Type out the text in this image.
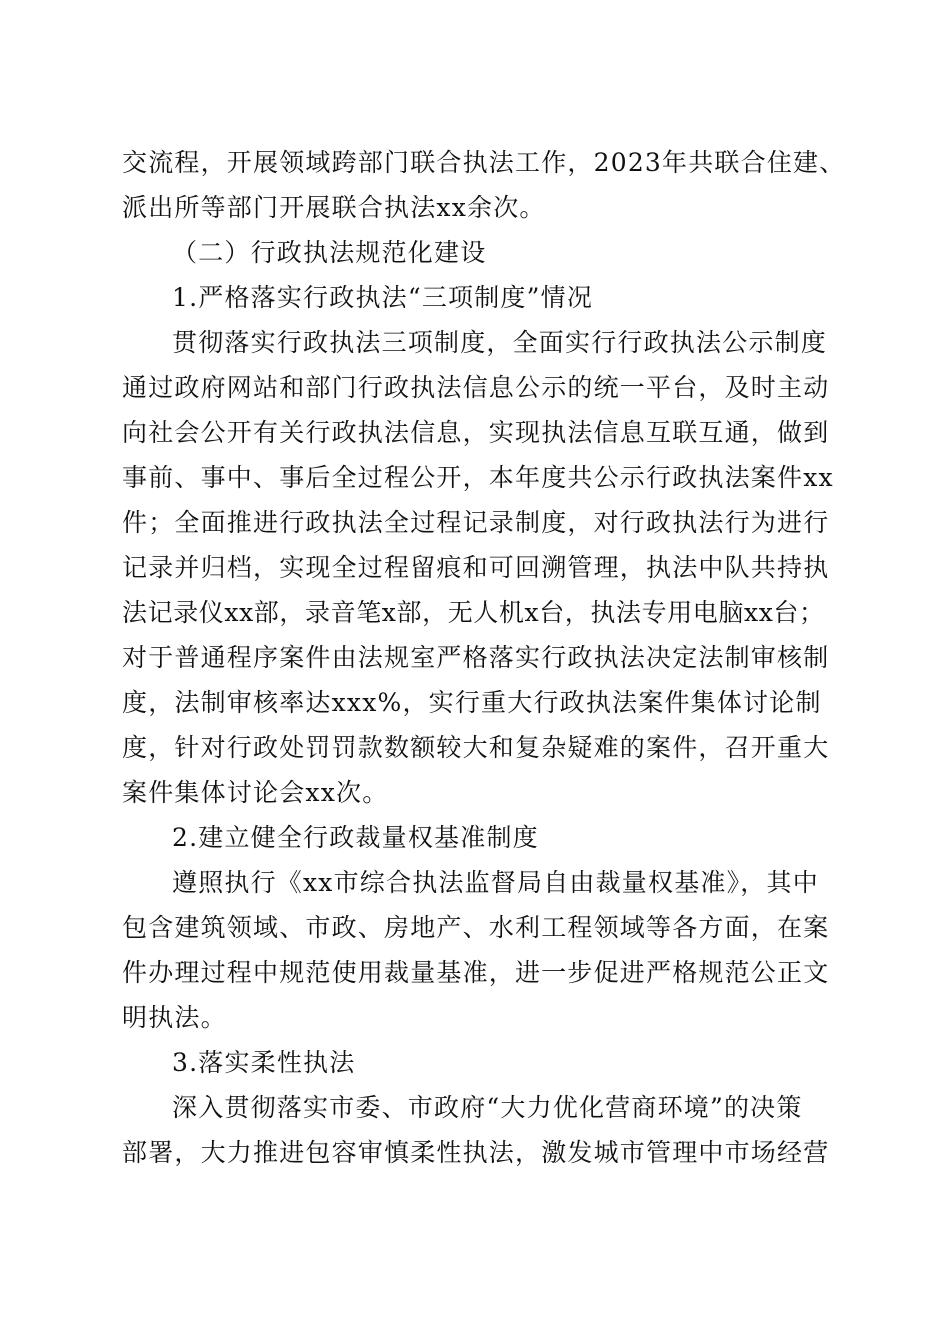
交流程，开展领域跨部门联合执法工作，2023年共联合住建、
派出所等部门开展联合执法xx余次。
（二）行政执法规范化建设
1.严格落实行政执法“三项制度”情况
贯彻落实行政执法三项制度，全面实行行政执法公示制度
通过政府网站和部门行政执法信息公示的统一平台，及时主动
向社会公开有关行政执法信息，实现执法信息互联互通，做到
事前、事中、事后全过程公开，本年度共公示行政执法案件xx
件；全面推进行政执法全过程记录制度，对行政执法行为进行
记录并归档，实现全过程留痕和可回溯管理，执法中队共持执
法记录仪xx部，录音笔x部，无人机x台，执法专用电脑xx台；
对于普通程序案件由法规室严格落实行政执法决定法制审核制
度，法制审核率达xxx%，实行重大行政执法案件集体讨论制
度，针对行政处罚罚款数额较大和复杂疑难的案件，召开重大
案件集体讨论会xx次。
2.建立健全行政裁量权基准制度
遵照执行《xx市综合执法监督局自由裁量权基准》，其中
包含建筑领域、市政、房地产、水利工程领域等各方面，在案
件办理过程中规范使用裁量基准，进一步促进严格规范公正文
明执法。
3.落实柔性执法
深入贯彻落实市委、市政府“大力优化营商环境”的决策
部署，大力推进包容审慎柔性执法，激发城市管理中市场经营
